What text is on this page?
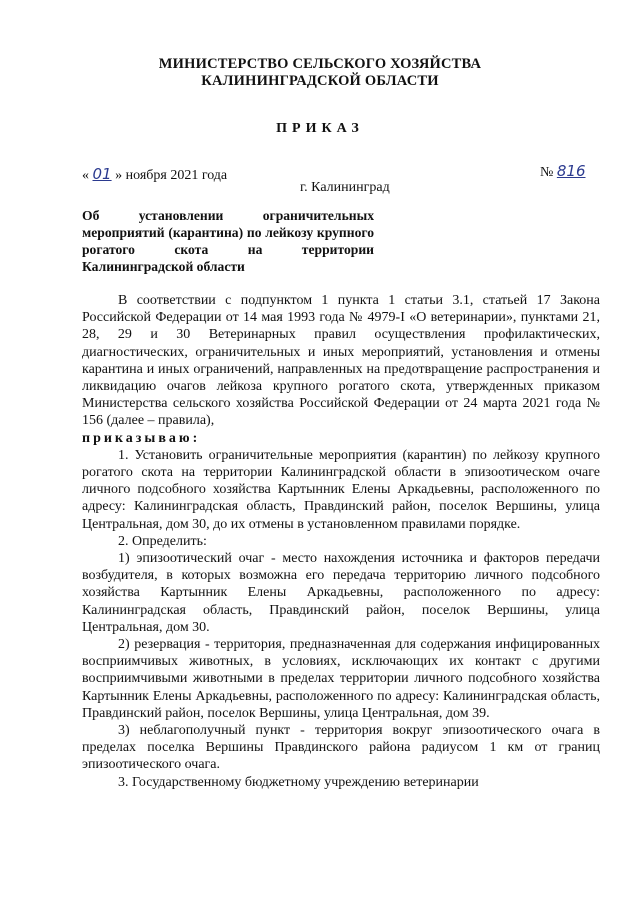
МИНИСТЕРСТВО СЕЛЬСКОГО ХОЗЯЙСТВА
КАЛИНИНГРАДСКОЙ ОБЛАСТИ
ПРИКАЗ
« 01 » ноября 2021 года	№ 816
г. Калининград
Об установлении ограничительных мероприятий (карантина) по лейкозу крупного рогатого скота на территории Калининградской области

В соответствии с подпунктом 1 пункта 1 статьи 3.1, статьей 17 Закона Российской Федерации от 14 мая 1993 года № 4979-I «О ветеринарии», пунктами 21, 28, 29 и 30 Ветеринарных правил осуществления профилактических, диагностических, ограничительных и иных мероприятий, установления и отмены карантина и иных ограничений, направленных на предотвращение распространения и ликвидацию очагов лейкоза крупного рогатого скота, утвержденных приказом Министерства сельского хозяйства Российской Федерации от 24 марта 2021 года № 156 (далее – правила),

приказываю:

1. Установить ограничительные мероприятия (карантин) по лейкозу крупного рогатого скота на территории Калининградской области в эпизоотическом очаге личного подсобного хозяйства Картынник Елены Аркадьевны, расположенного по адресу: Калининградская область, Правдинский район, поселок Вершины, улица Центральная, дом 30, до их отмены в установленном правилами порядке.

2. Определить:

1) эпизоотический очаг - место нахождения источника и факторов передачи возбудителя, в которых возможна его передача территорию личного подсобного хозяйства Картынник Елены Аркадьевны, расположенного по адресу: Калининградская область, Правдинский район, поселок Вершины, улица Центральная, дом 30.

2) резервация - территория, предназначенная для содержания инфицированных восприимчивых животных, в условиях, исключающих их контакт с другими восприимчивыми животными в пределах территории личного подсобного хозяйства Картынник Елены Аркадьевны, расположенного по адресу: Калининградская область, Правдинский район, поселок Вершины, улица Центральная, дом 39.

3) неблагополучный пункт - территория вокруг эпизоотического очага в пределах поселка Вершины Правдинского района радиусом 1 км от границ эпизоотического очага.

3. Государственному бюджетному учреждению ветеринарии
